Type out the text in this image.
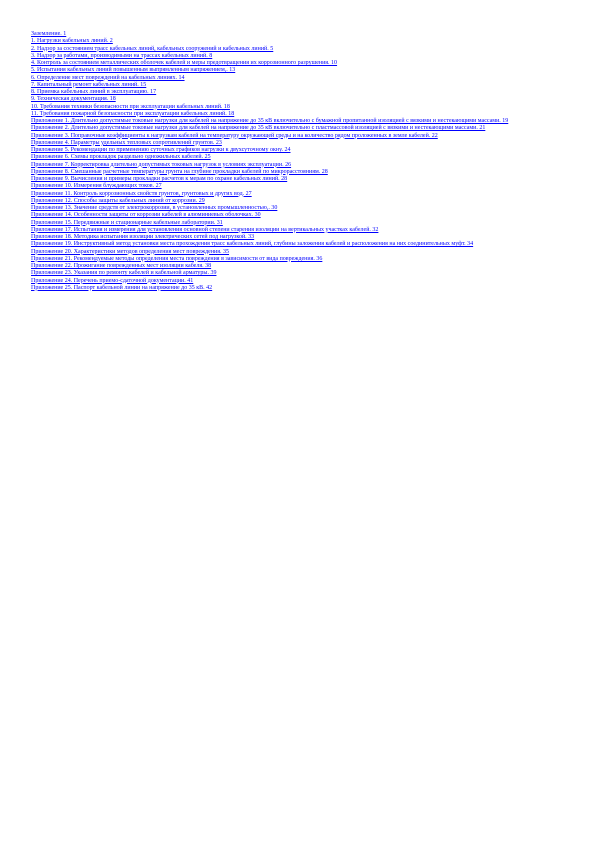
Заземление. 1
1. Нагрузки кабельных линий. 2
2. Надзор за состоянием трасс кабельных линий, кабельных сооружений и кабельных линий. 5
3. Надзор за работами, производимыми на трассах кабельных линий. 8
4. Контроль за состоянием металлических оболочек кабелей и меры предотвращения их коррозионного разрушения. 10
5. Испытания кабельных линий повышенным выпрямленным напряжением,. 13
6. Определение мест повреждений на кабельных линиях. 14
7. Капитальный ремонт кабельных линий. 15
8. Приемка кабельных линий в эксплуатацию. 17
9. Техническая документация. 18
10. Требования техники безопасности при эксплуатации кабельных линий. 18
11. Требования пожарной безопасности при эксплуатации кабельных линий. 18
Приложение 1. Длительно допустимые токовые нагрузки для кабелей на напряжение до 35 кВ включительно с бумажной пропитанной изоляцией с вязкими и нестекающими массами. 19
Приложение 2. Длительно допустимые токовые нагрузки для кабелей на напряжение до 35 кВ включительно с пластмассовой изоляцией с вязкими и нестекающими массами. 21
Приложение 3. Поправочные коэффициенты к нагрузкам кабелей на температуру окружающей среды и на количество рядом проложенных в земле кабелей. 22
Приложение 4. Параметры удельных тепловых сопротивлений грунтов. 23
Приложение 5. Рекомендации по применению суточных графиков нагрузки к двухсуточному окну. 24
Приложение 6. Схемы прокладок раздельно одножильных кабелей. 25
Приложение 7. Корректировка длительно допустимых токовых нагрузок в условиях эксплуатации. 26
Приложение 8. Смешанные расчетные температуры грунта на глубине прокладки кабелей по микрорасстояниям. 28
Приложение 9. Вычисления и примеры прокладки расчетов к мерам по охране кабельных линий. 28
Приложение 10. Измерения блуждающих токов. 27
Приложение 11. Контроль коррозионных свойств грунтов, грунтовых и других вод. 27
Приложение 12. Способы защиты кабельных линий от коррозии. 29
Приложение 13. Значение средств от электрокоррозии, в установленных промышленностью,. 30
Приложение 14. Особенности защиты от коррозии кабелей в алюминиевых оболочках. 30
Приложение 15. Передвижные и стационарные кабельные лаборатории. 31
Приложение 17. Испытания и измерения для установления основной степени старения изоляции на вертикальных участках кабелей. 32
Приложение 18. Методика испытания изоляции электрических сетей под нагрузкой. 33
Приложение 19. Инструктивный метод установки места прохождения трасс кабельных линий, глубины заложения кабелей и расположения на них соединительных муфт. 34
Приложение 20. Характеристики методов определения мест повреждения. 35
Приложение 21. Рекомендуемые методы определения места повреждения в зависимости от вида повреждения. 36
Приложение 22. Прожигание поврежденных мест изоляции кабеля. 38
Приложение 23. Указания по ремонту кабелей и кабельной арматуры. 39
Приложение 24. Перечень приемо-сдаточной документации. 41
Приложение 25. Паспорт кабельной линии на напряжение до 35 кВ. 42
